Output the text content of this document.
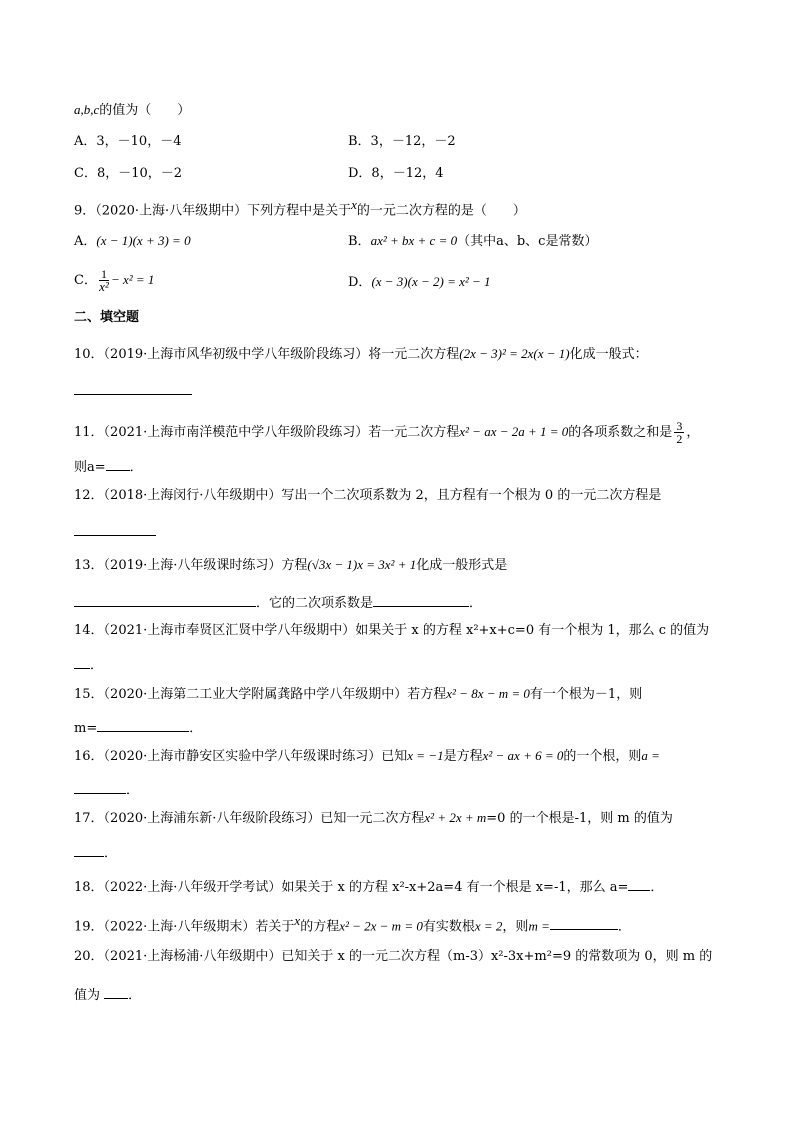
a,b,c的值为（　　）
A．3，－10，－4	B．3，－12，－2
C．8，－10，－2	D．8，－12，4
9．（2020·上海·八年级期中）下列方程中是关于$^x$的一元二次方程的是（　　）
A．(x − 1)(x + 3) = 0	B．ax² + bx + c = 0（其中a、b、c是常数）
C． $\frac{1}{\text{x²}} - x^2 = 1$	D．(x − 3)(x − 2) = x² − 1
二、填空题
10．（2019·上海市风华初级中学八年级阶段练习）将一元二次方程(2x − 3)² = 2x(x − 1)化成一般式：
11．（2021·上海市南洋模范中学八年级阶段练习）若一元二次方程x² − ax − 2a + 1 = 0的各项系数之和是 $\frac{3}{2}$ ，
则a= ．
12．（2018·上海闵行·八年级期中）写出一个二次项系数为 2，且方程有一个根为 0 的一元二次方程是
13．（2019·上海·八年级课时练习）方程(√3x − 1)x = 3x² + 1化成一般形式是
．它的二次项系数是	．
14．（2021·上海市奉贤区汇贤中学八年级期中）如果关于 x 的方程 x²+x+c=0 有一个根为 1，那么 c 的值为
．
15．（2020·上海第二工业大学附属龚路中学八年级期中）若方程x² − 8x − m = 0有一个根为－1，则
m=	．
16．（2020·上海市静安区实验中学八年级课时练习）已知x = −1是方程x² − ax + 6 = 0的一个根，则a =
．
17．（2020·上海浦东新·八年级阶段练习）已知一元二次方程x² + 2x + m=0 的一个根是-1，则 m 的值为
．
18．（2022·上海·八年级开学考试）如果关于 x 的方程 x²-x+2a=4 有一个根是 x=-1，那么 a= ．
19．（2022·上海·八年级期末）若关于$^x$的方程x² − 2x − m = 0有实数根x = 2，则m =	．
20．（2021·上海杨浦·八年级期中）已知关于 x 的一元二次方程（m-3）x²-3x+m²=9 的常数项为 0，则 m 的
值为 ．
